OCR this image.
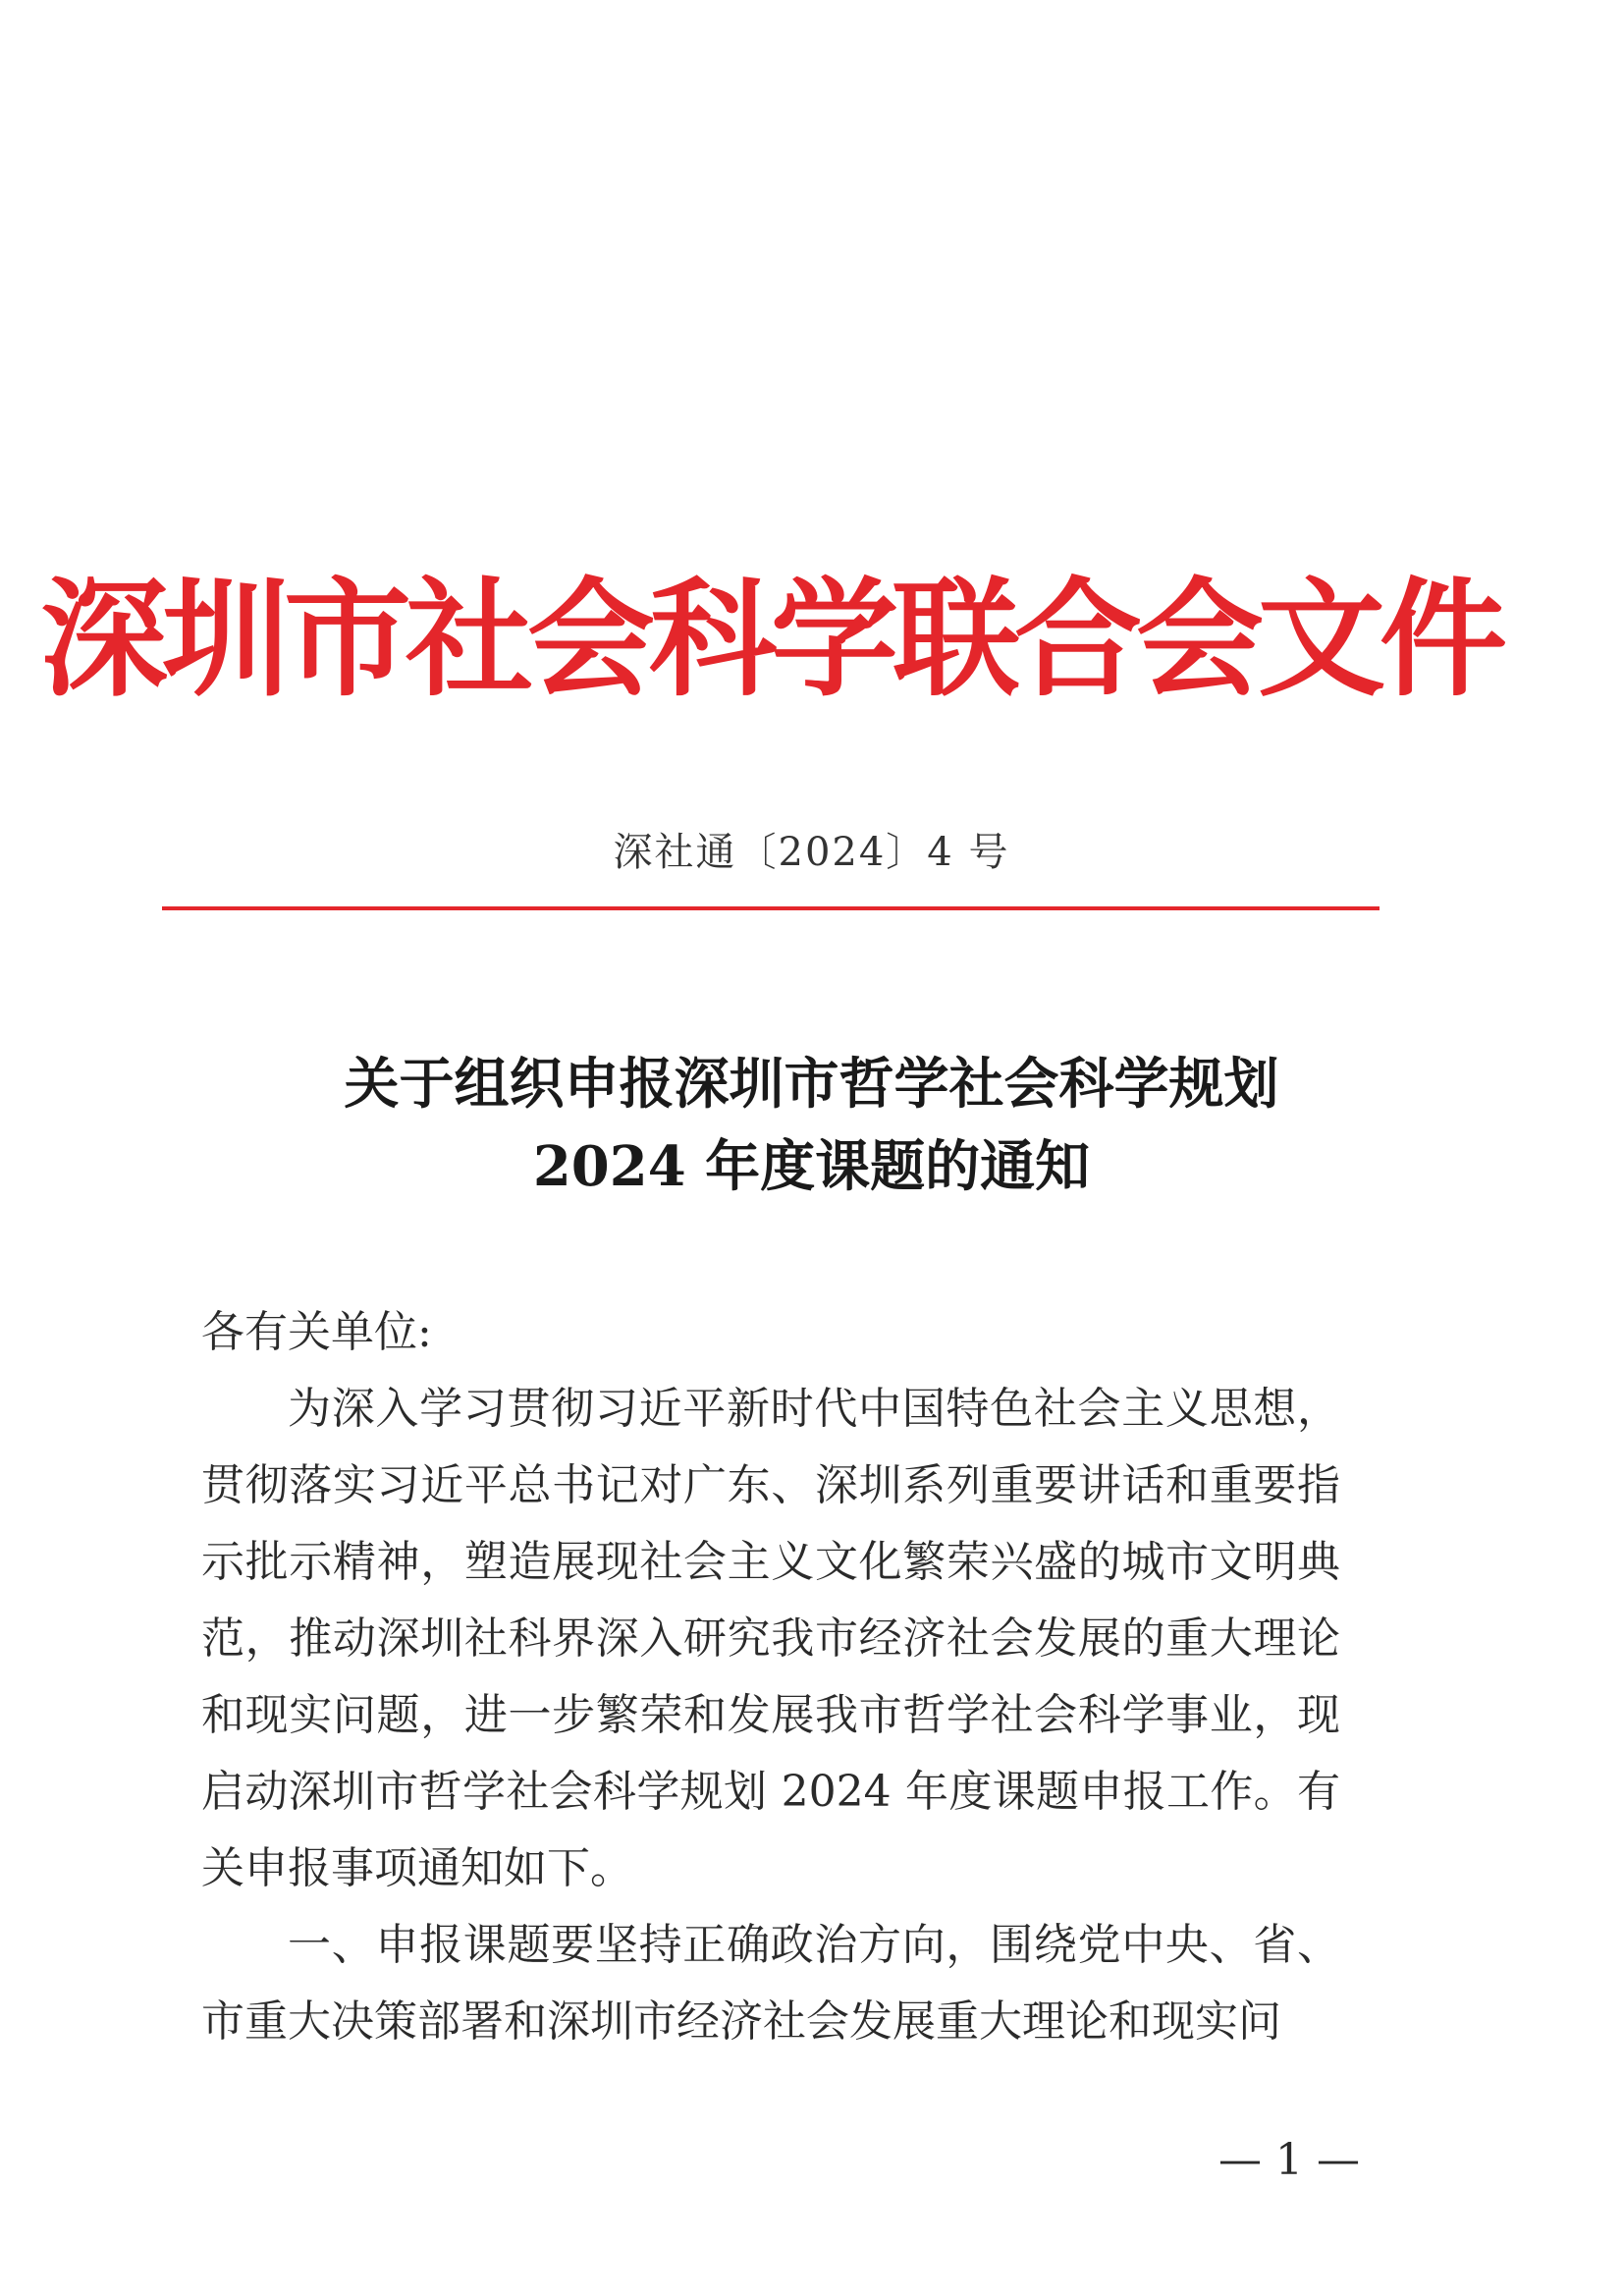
深圳市社会科学联合会文件
深社通〔2024〕4 号
关于组织申报深圳市哲学社会科学规划
2024 年度课题的通知

各有关单位:

为深入学习贯彻习近平新时代中国特色社会主义思想，贯彻落实习近平总书记对广东、深圳系列重要讲话和重要指示批示精神，塑造展现社会主义文化繁荣兴盛的城市文明典范，推动深圳社科界深入研究我市经济社会发展的重大理论和现实问题，进一步繁荣和发展我市哲学社会科学事业，现启动深圳市哲学社会科学规划 2024 年度课题申报工作。有关申报事项通知如下。

一、申报课题要坚持正确政治方向，围绕党中央、省、市重大决策部署和深圳市经济社会发展重大理论和现实问

— 1 —
